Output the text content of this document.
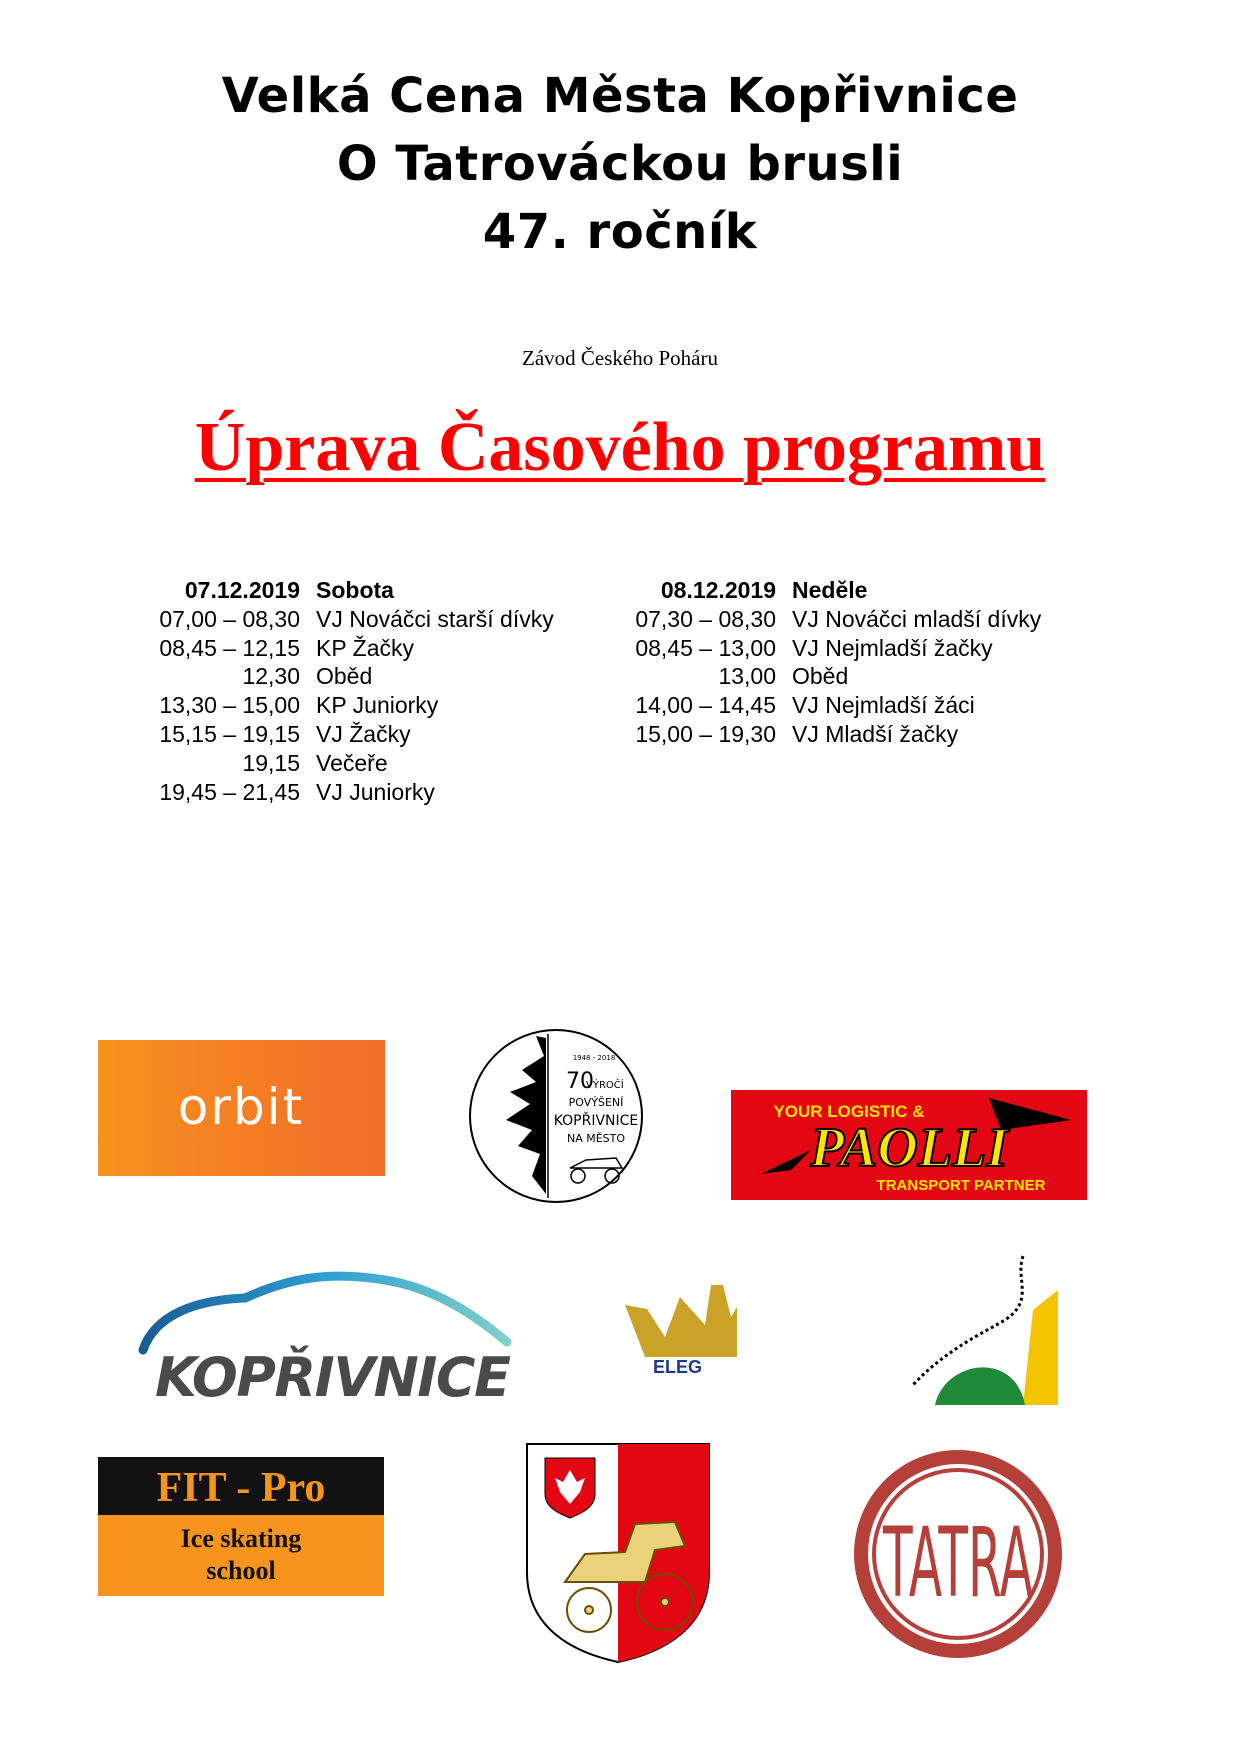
Velká Cena Města Kopřivnice
O Tatrováckou brusli
47. ročník
Závod Českého Poháru
Úprava Časového programu
07.12.2019 Sobota
07,00 – 08,30 VJ Nováčci starší dívky
08,45 – 12,15 KP Žačky
12,30 Oběd
13,30 – 15,00 KP Juniorky
15,15 – 19,15 VJ Žačky
19,15 Večeře
19,45 – 21,45 VJ Juniorky
08.12.2019 Neděle
07,30 – 08,30 VJ Nováčci mladší dívky
08,45 – 13,00 VJ Nejmladší žačky
13,00 Oběd
14,00 – 14,45 VJ Nejmladší žáci
15,00 – 19,30 VJ Mladší žačky
orbit
1948 - 2018
70
VÝROČÍ
POVÝŠENÍ
KOPŘIVNICE
NA MĚSTO
YOUR LOGISTIC &
PAOLLI
TRANSPORT PARTNER
KOPŘIVNICE	ELEG
FIT - Pro
Ice skating
school	TATRA
